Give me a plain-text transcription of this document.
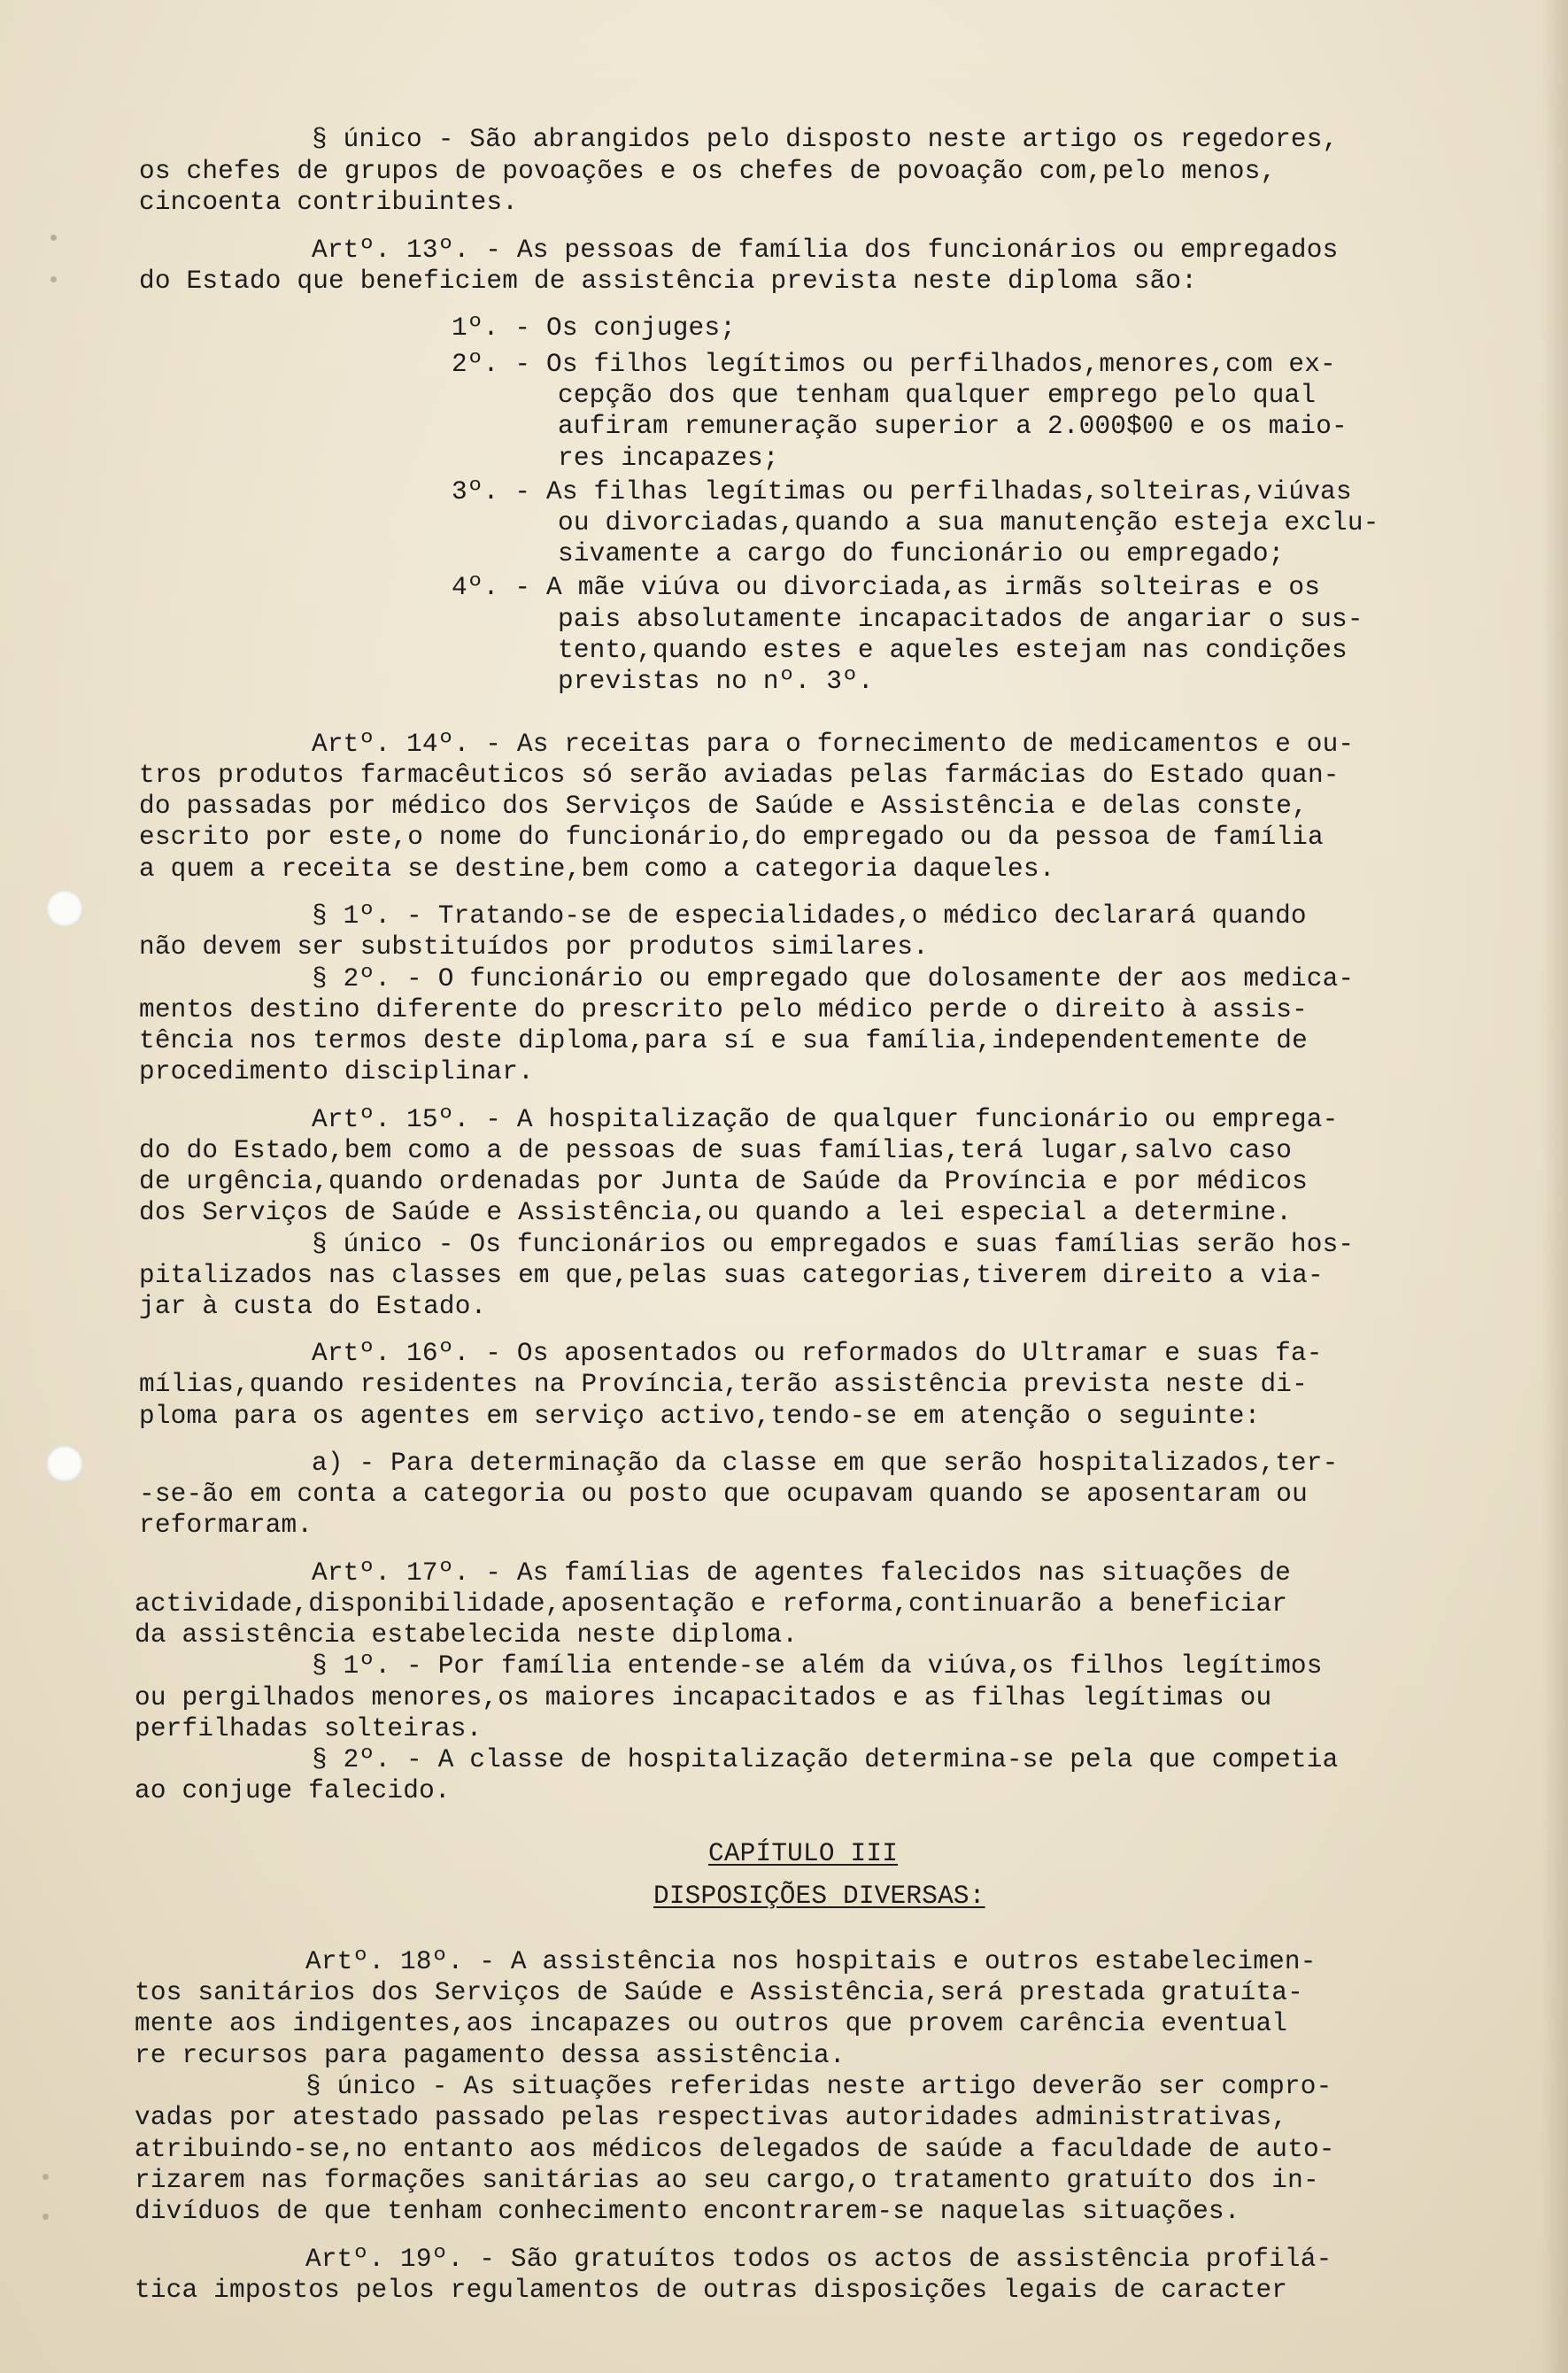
§ único - São abrangidos pelo disposto neste artigo os regedores,

os chefes de grupos de povoações e os chefes de povoação com,pelo menos,

cincoenta contribuintes.

Artº. 13º. - As pessoas de família dos funcionários ou empregados

do Estado que beneficiem de assistência prevista neste diploma são:

1º. - Os conjuges;

2º. - Os filhos legítimos ou perfilhados,menores,com ex-

cepção dos que tenham qualquer emprego pelo qual

aufiram remuneração superior a 2.000$00 e os maio-

res incapazes;

3º. - As filhas legítimas ou perfilhadas,solteiras,viúvas

ou divorciadas,quando a sua manutenção esteja exclu-

sivamente a cargo do funcionário ou empregado;

4º. - A mãe viúva ou divorciada,as irmãs solteiras e os

pais absolutamente incapacitados de angariar o sus-

tento,quando estes e aqueles estejam nas condições

previstas no nº. 3º.

Artº. 14º. - As receitas para o fornecimento de medicamentos e ou-

tros produtos farmacêuticos só serão aviadas pelas farmácias do Estado quan-

do passadas por médico dos Serviços de Saúde e Assistência e delas conste,

escrito por este,o nome do funcionário,do empregado ou da pessoa de família

a quem a receita se destine,bem como a categoria daqueles.

§ 1º. - Tratando-se de especialidades,o médico declarará quando

não devem ser substituídos por produtos similares.

§ 2º. - O funcionário ou empregado que dolosamente der aos medica-

mentos destino diferente do prescrito pelo médico perde o direito à assis-

tência nos termos deste diploma,para sí e sua família,independentemente de

procedimento disciplinar.

Artº. 15º. - A hospitalização de qualquer funcionário ou emprega-

do do Estado,bem como a de pessoas de suas famílias,terá lugar,salvo caso

de urgência,quando ordenadas por Junta de Saúde da Província e por médicos

dos Serviços de Saúde e Assistência,ou quando a lei especial a determine.

§ único - Os funcionários ou empregados e suas famílias serão hos-

pitalizados nas classes em que,pelas suas categorias,tiverem direito a via-

jar à custa do Estado.

Artº. 16º. - Os aposentados ou reformados do Ultramar e suas fa-

mílias,quando residentes na Província,terão assistência prevista neste di-

ploma para os agentes em serviço activo,tendo-se em atenção o seguinte:

a) - Para determinação da classe em que serão hospitalizados,ter-

-se-ão em conta a categoria ou posto que ocupavam quando se aposentaram ou

reformaram.

Artº. 17º. - As famílias de agentes falecidos nas situações de

actividade,disponibilidade,aposentação e reforma,continuarão a beneficiar

da assistência estabelecida neste diploma.

§ 1º. - Por família entende-se além da viúva,os filhos legítimos

ou pergilhados menores,os maiores incapacitados e as filhas legítimas ou

perfilhadas solteiras.

§ 2º. - A classe de hospitalização determina-se pela que competia

ao conjuge falecido.

CAPÍTULO III

DISPOSIÇÕES DIVERSAS:

Artº. 18º. - A assistência nos hospitais e outros estabelecimen-

tos sanitários dos Serviços de Saúde e Assistência,será prestada gratuíta-

mente aos indigentes,aos incapazes ou outros que provem carência eventual

re recursos para pagamento dessa assistência.

§ único - As situações referidas neste artigo deverão ser compro-

vadas por atestado passado pelas respectivas autoridades administrativas,

atribuindo-se,no entanto aos médicos delegados de saúde a faculdade de auto-

rizarem nas formações sanitárias ao seu cargo,o tratamento gratuíto dos in-

divíduos de que tenham conhecimento encontrarem-se naquelas situações.

Artº. 19º. - São gratuítos todos os actos de assistência profilá-

tica impostos pelos regulamentos de outras disposições legais de caracter
